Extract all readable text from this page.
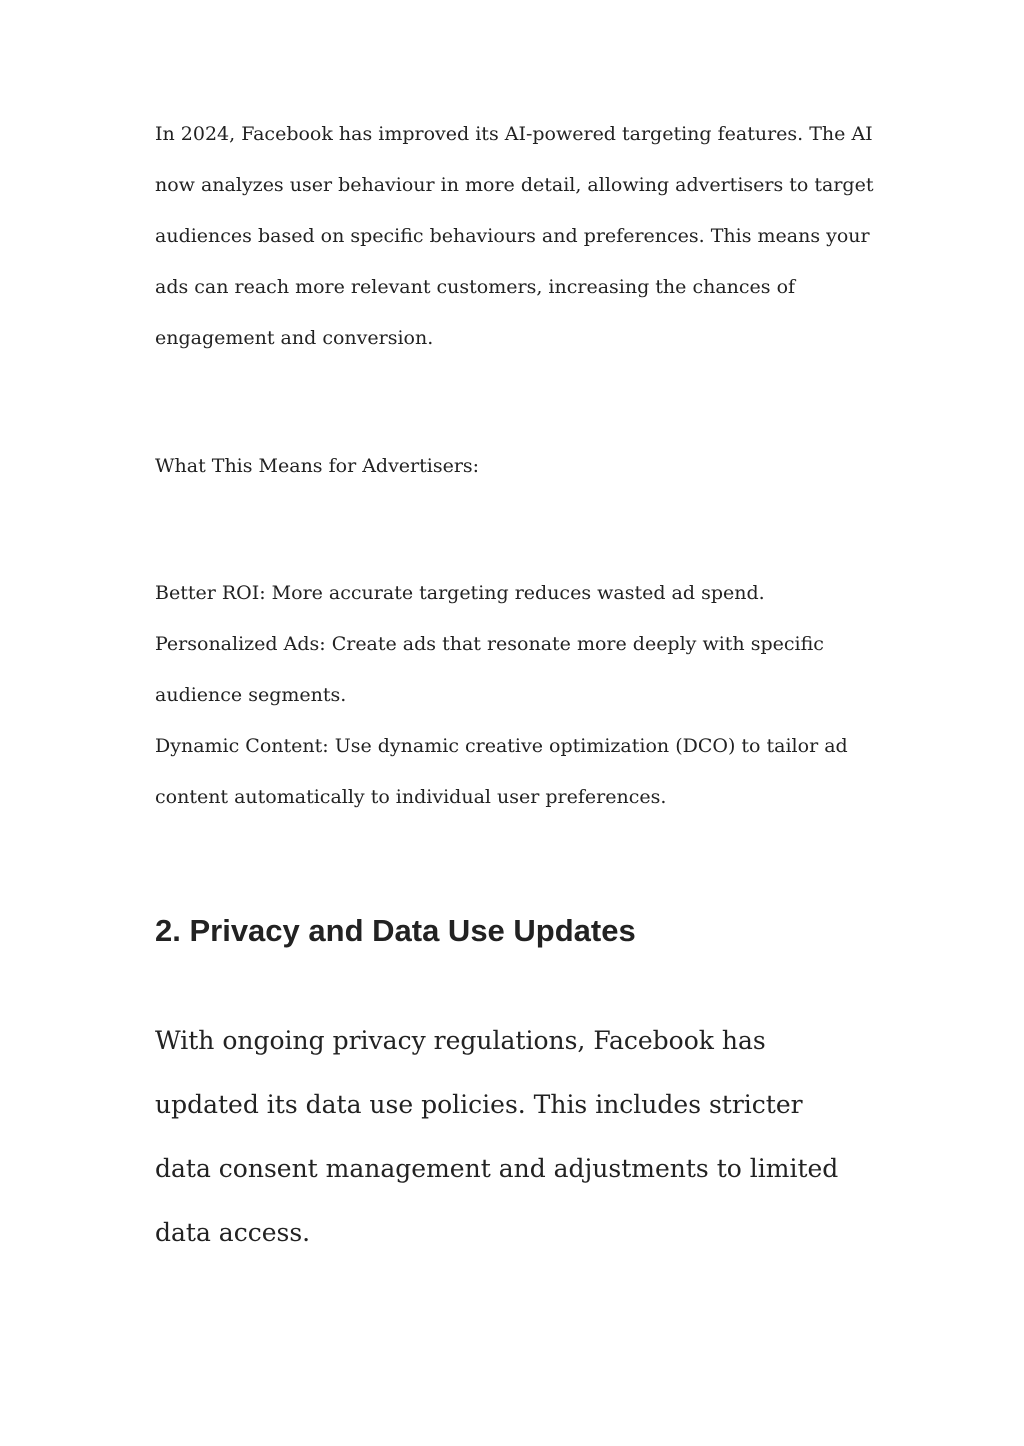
In 2024, Facebook has improved its AI-powered targeting features. The AI now analyzes user behaviour in more detail, allowing advertisers to target audiences based on specific behaviours and preferences. This means your ads can reach more relevant customers, increasing the chances of engagement and conversion.

What This Means for Advertisers:

Better ROI: More accurate targeting reduces wasted ad spend.
Personalized Ads: Create ads that resonate more deeply with specific audience segments.
Dynamic Content: Use dynamic creative optimization (DCO) to tailor ad content automatically to individual user preferences.
2. Privacy and Data Use Updates

With ongoing privacy regulations, Facebook has updated its data use policies. This includes stricter data consent management and adjustments to limited data access.
